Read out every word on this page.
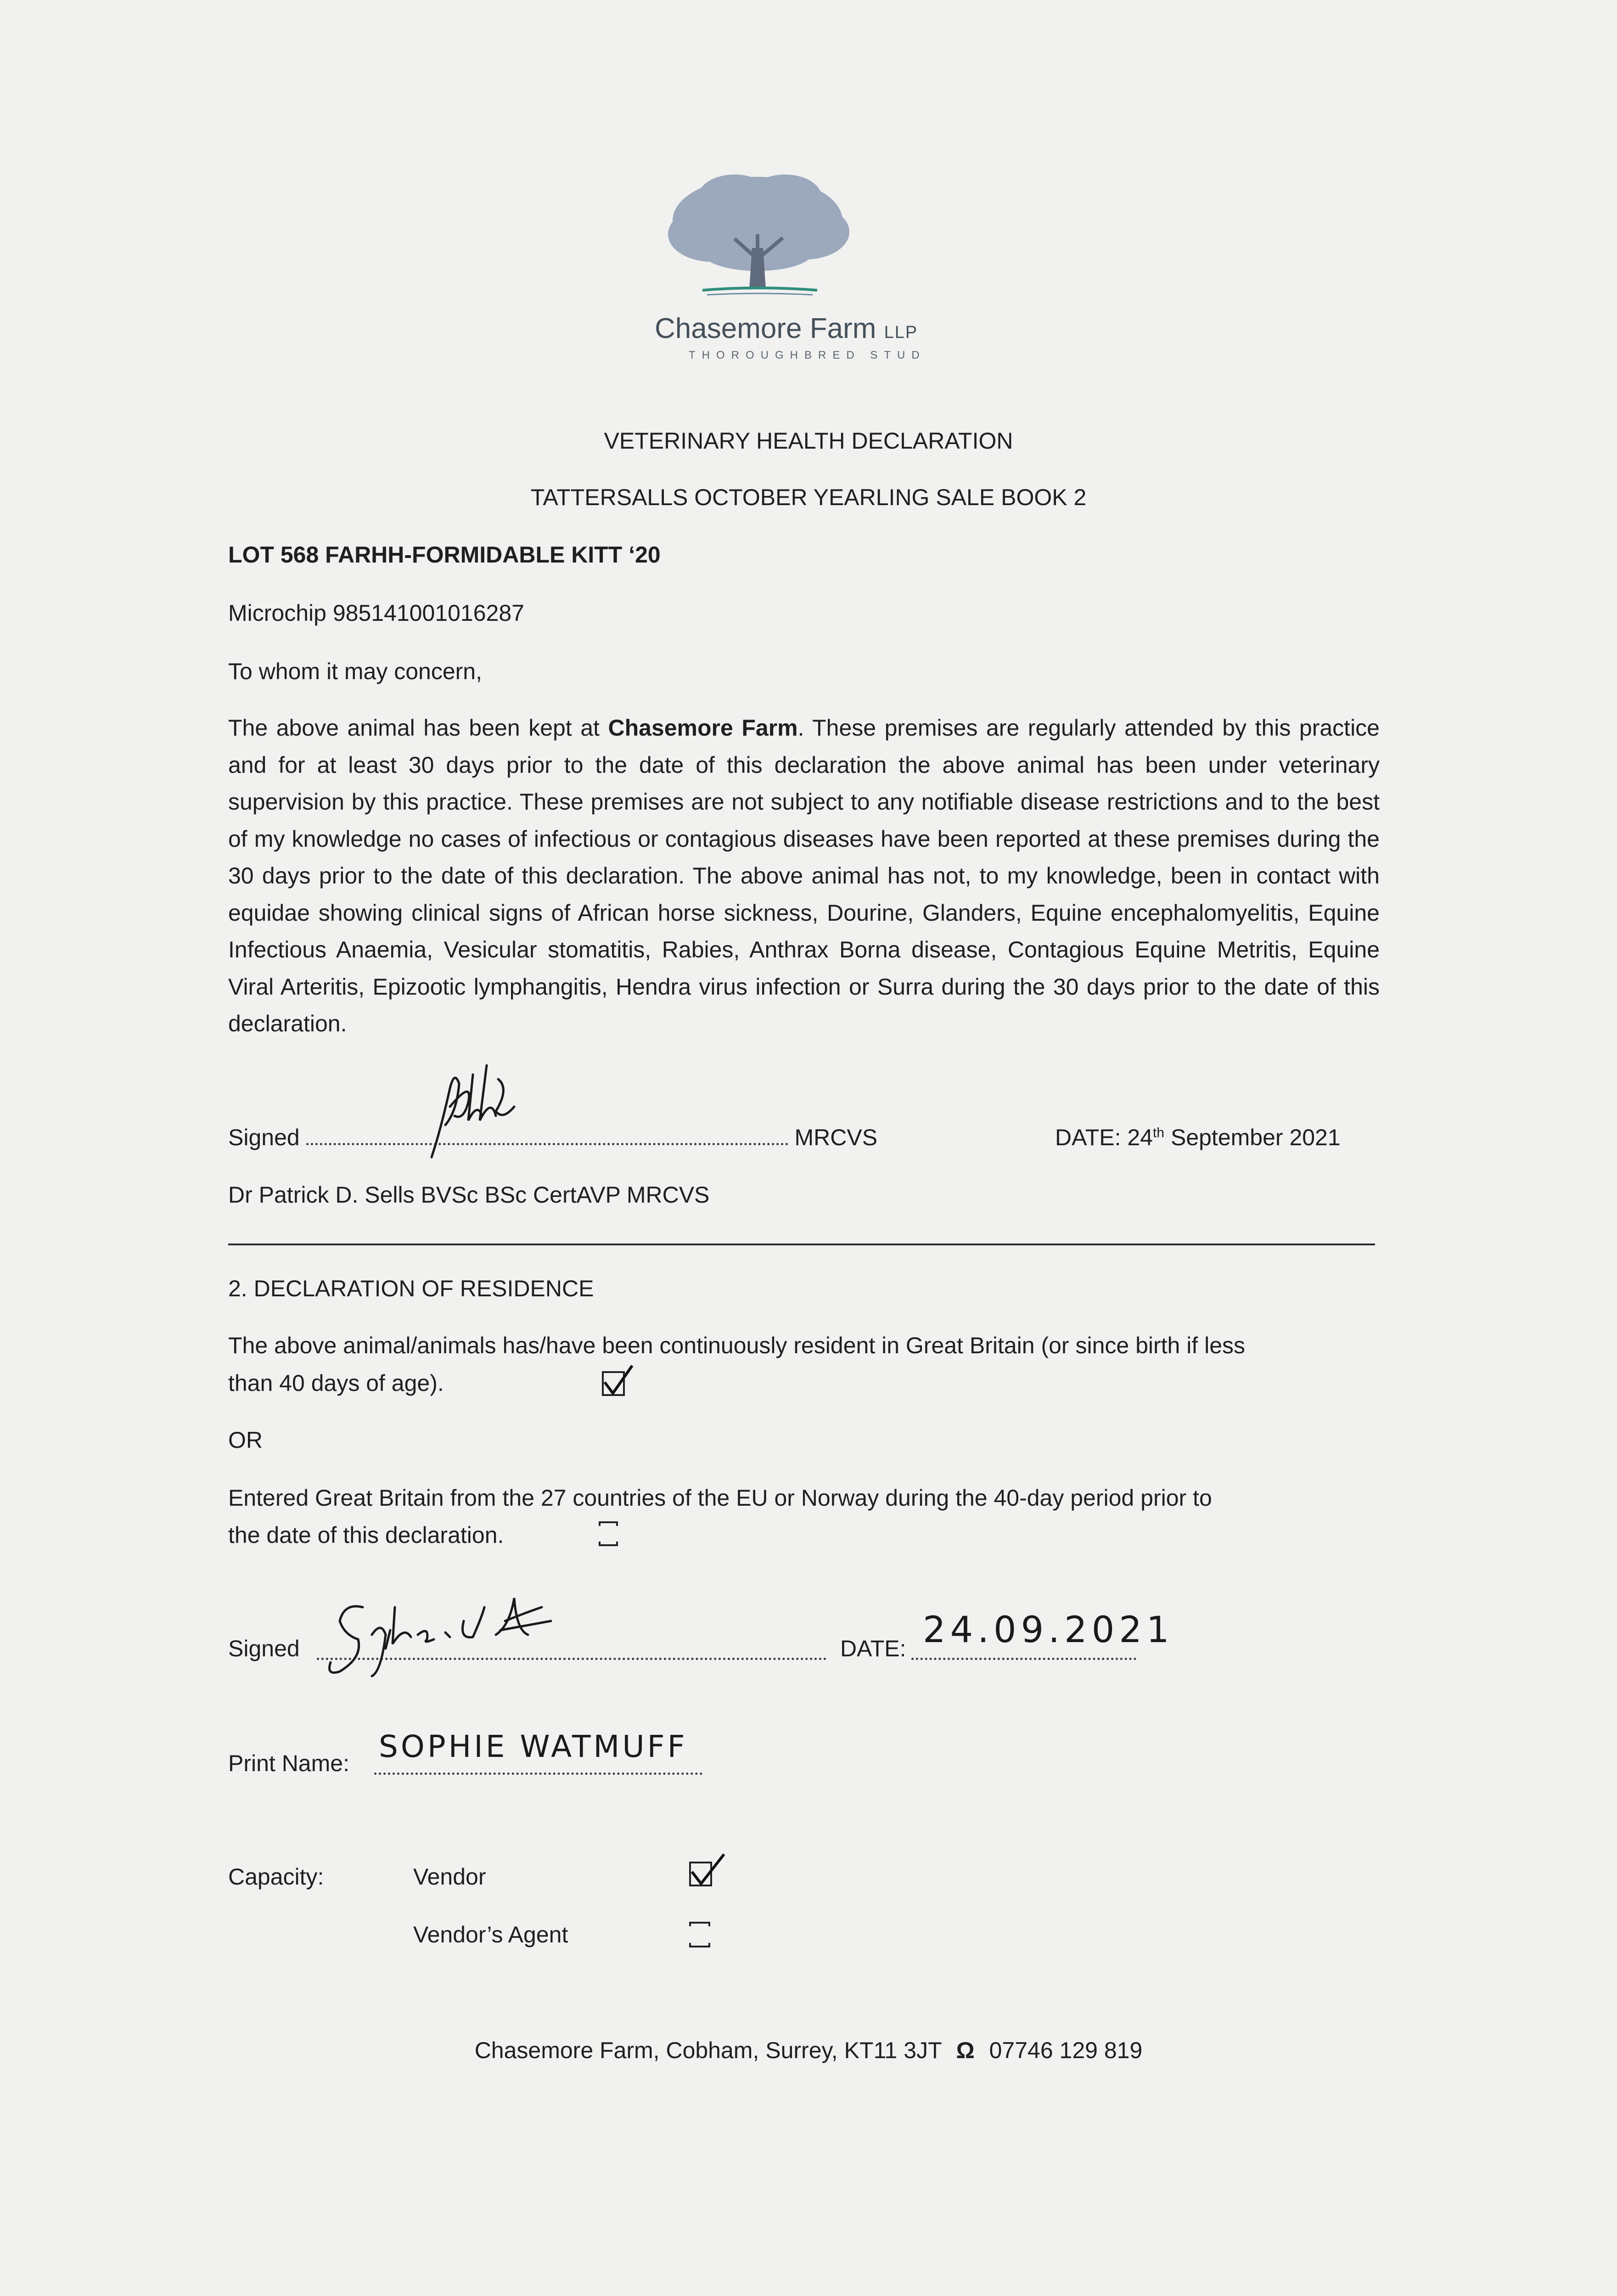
Chasemore Farm LLP
THOROUGHBRED STUD
VETERINARY HEALTH DECLARATION
TATTERSALLS OCTOBER YEARLING SALE BOOK 2
LOT 568 FARHH-FORMIDABLE KITT ‘20
Microchip 985141001016287
To whom it may concern,
The above animal has been kept at Chasemore Farm. These premises are regularly attended by this practice and for at least 30 days prior to the date of this declaration the above animal has been under veterinary supervision by this practice. These premises are not subject to any notifiable disease restrictions and to the best of my knowledge no cases of infectious or contagious diseases have been reported at these premises during the 30 days prior to the date of this declaration. The above animal has not, to my knowledge, been in contact with equidae showing clinical signs of African horse sickness, Dourine, Glanders, Equine encephalomyelitis, Equine Infectious Anaemia, Vesicular stomatitis, Rabies, Anthrax Borna disease, Contagious Equine Metritis, Equine Viral Arteritis, Epizootic lymphangitis, Hendra virus infection or Surra during the 30 days prior to the date of this declaration.
Signed	MRCVS	DATE: 24th September 2021
Dr Patrick D. Sells BVSc BSc CertAVP MRCVS
2. DECLARATION OF RESIDENCE
The above animal/animals has/have been continuously resident in Great Britain (or since birth if less
than 40 days of age).
OR
Entered Great Britain from the 27 countries of the EU or Norway during the 40-day period prior to
the date of this declaration.
Signed	DATE: 24.09.2021
Print Name: SOPHIE WATMUFF
Capacity:	Vendor
Vendor’s Agent
Chasemore Farm, Cobham, Surrey, KT11 3JT Ω 07746 129 819
